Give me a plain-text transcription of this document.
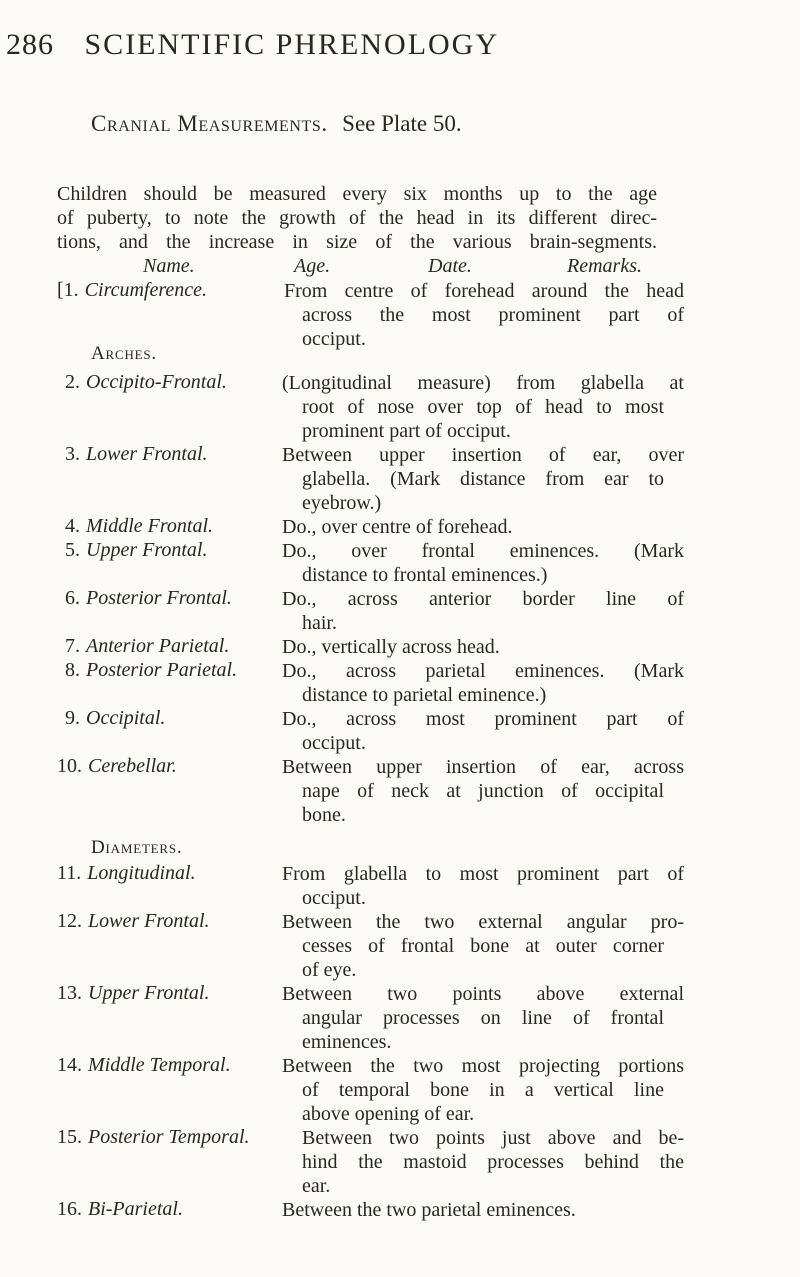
286 SCIENTIFIC PHRENOLOGY
Cranial Measurements. See Plate 50.
Children should be measured every six months up to the age
of puberty, to note the growth of the head in its different direc-
tions, and the increase in size of the various brain-segments.
Name.	Age.	Date.	Remarks.
Arches.
Diameters.
[1. Circumference.	From centre of forehead around the head
across the most prominent part of
occiput.
2. Occipito-Frontal.	(Longitudinal measure) from glabella at
root of nose over top of head to most
prominent part of occiput.
3. Lower Frontal.	Between upper insertion of ear, over
glabella. (Mark distance from ear to
eyebrow.)
4. Middle Frontal.	Do., over centre of forehead.
5. Upper Frontal.	Do., over frontal eminences. (Mark
distance to frontal eminences.)
6. Posterior Frontal.	Do., across anterior border line of
hair.
7. Anterior Parietal.	Do., vertically across head.
8. Posterior Parietal. Do., across parietal eminences. (Mark
distance to parietal eminence.)
9. Occipital.	Do., across most prominent part of
occiput.
10. Cerebellar.	Between upper insertion of ear, across
nape of neck at junction of occipital
bone.
11. Longitudinal.	From glabella to most prominent part of
occiput.
12. Lower Frontal.	Between the two external angular pro-
cesses of frontal bone at outer corner
of eye.
13. Upper Frontal.	Between two points above external
angular processes on line of frontal
eminences.
14. Middle Temporal.	Between the two most projecting portions
of temporal bone in a vertical line
above opening of ear.
15. Posterior Temporal.	Between two points just above and be-
hind the mastoid processes behind the
ear.
16. Bi-Parietal.	Between the two parietal eminences.
